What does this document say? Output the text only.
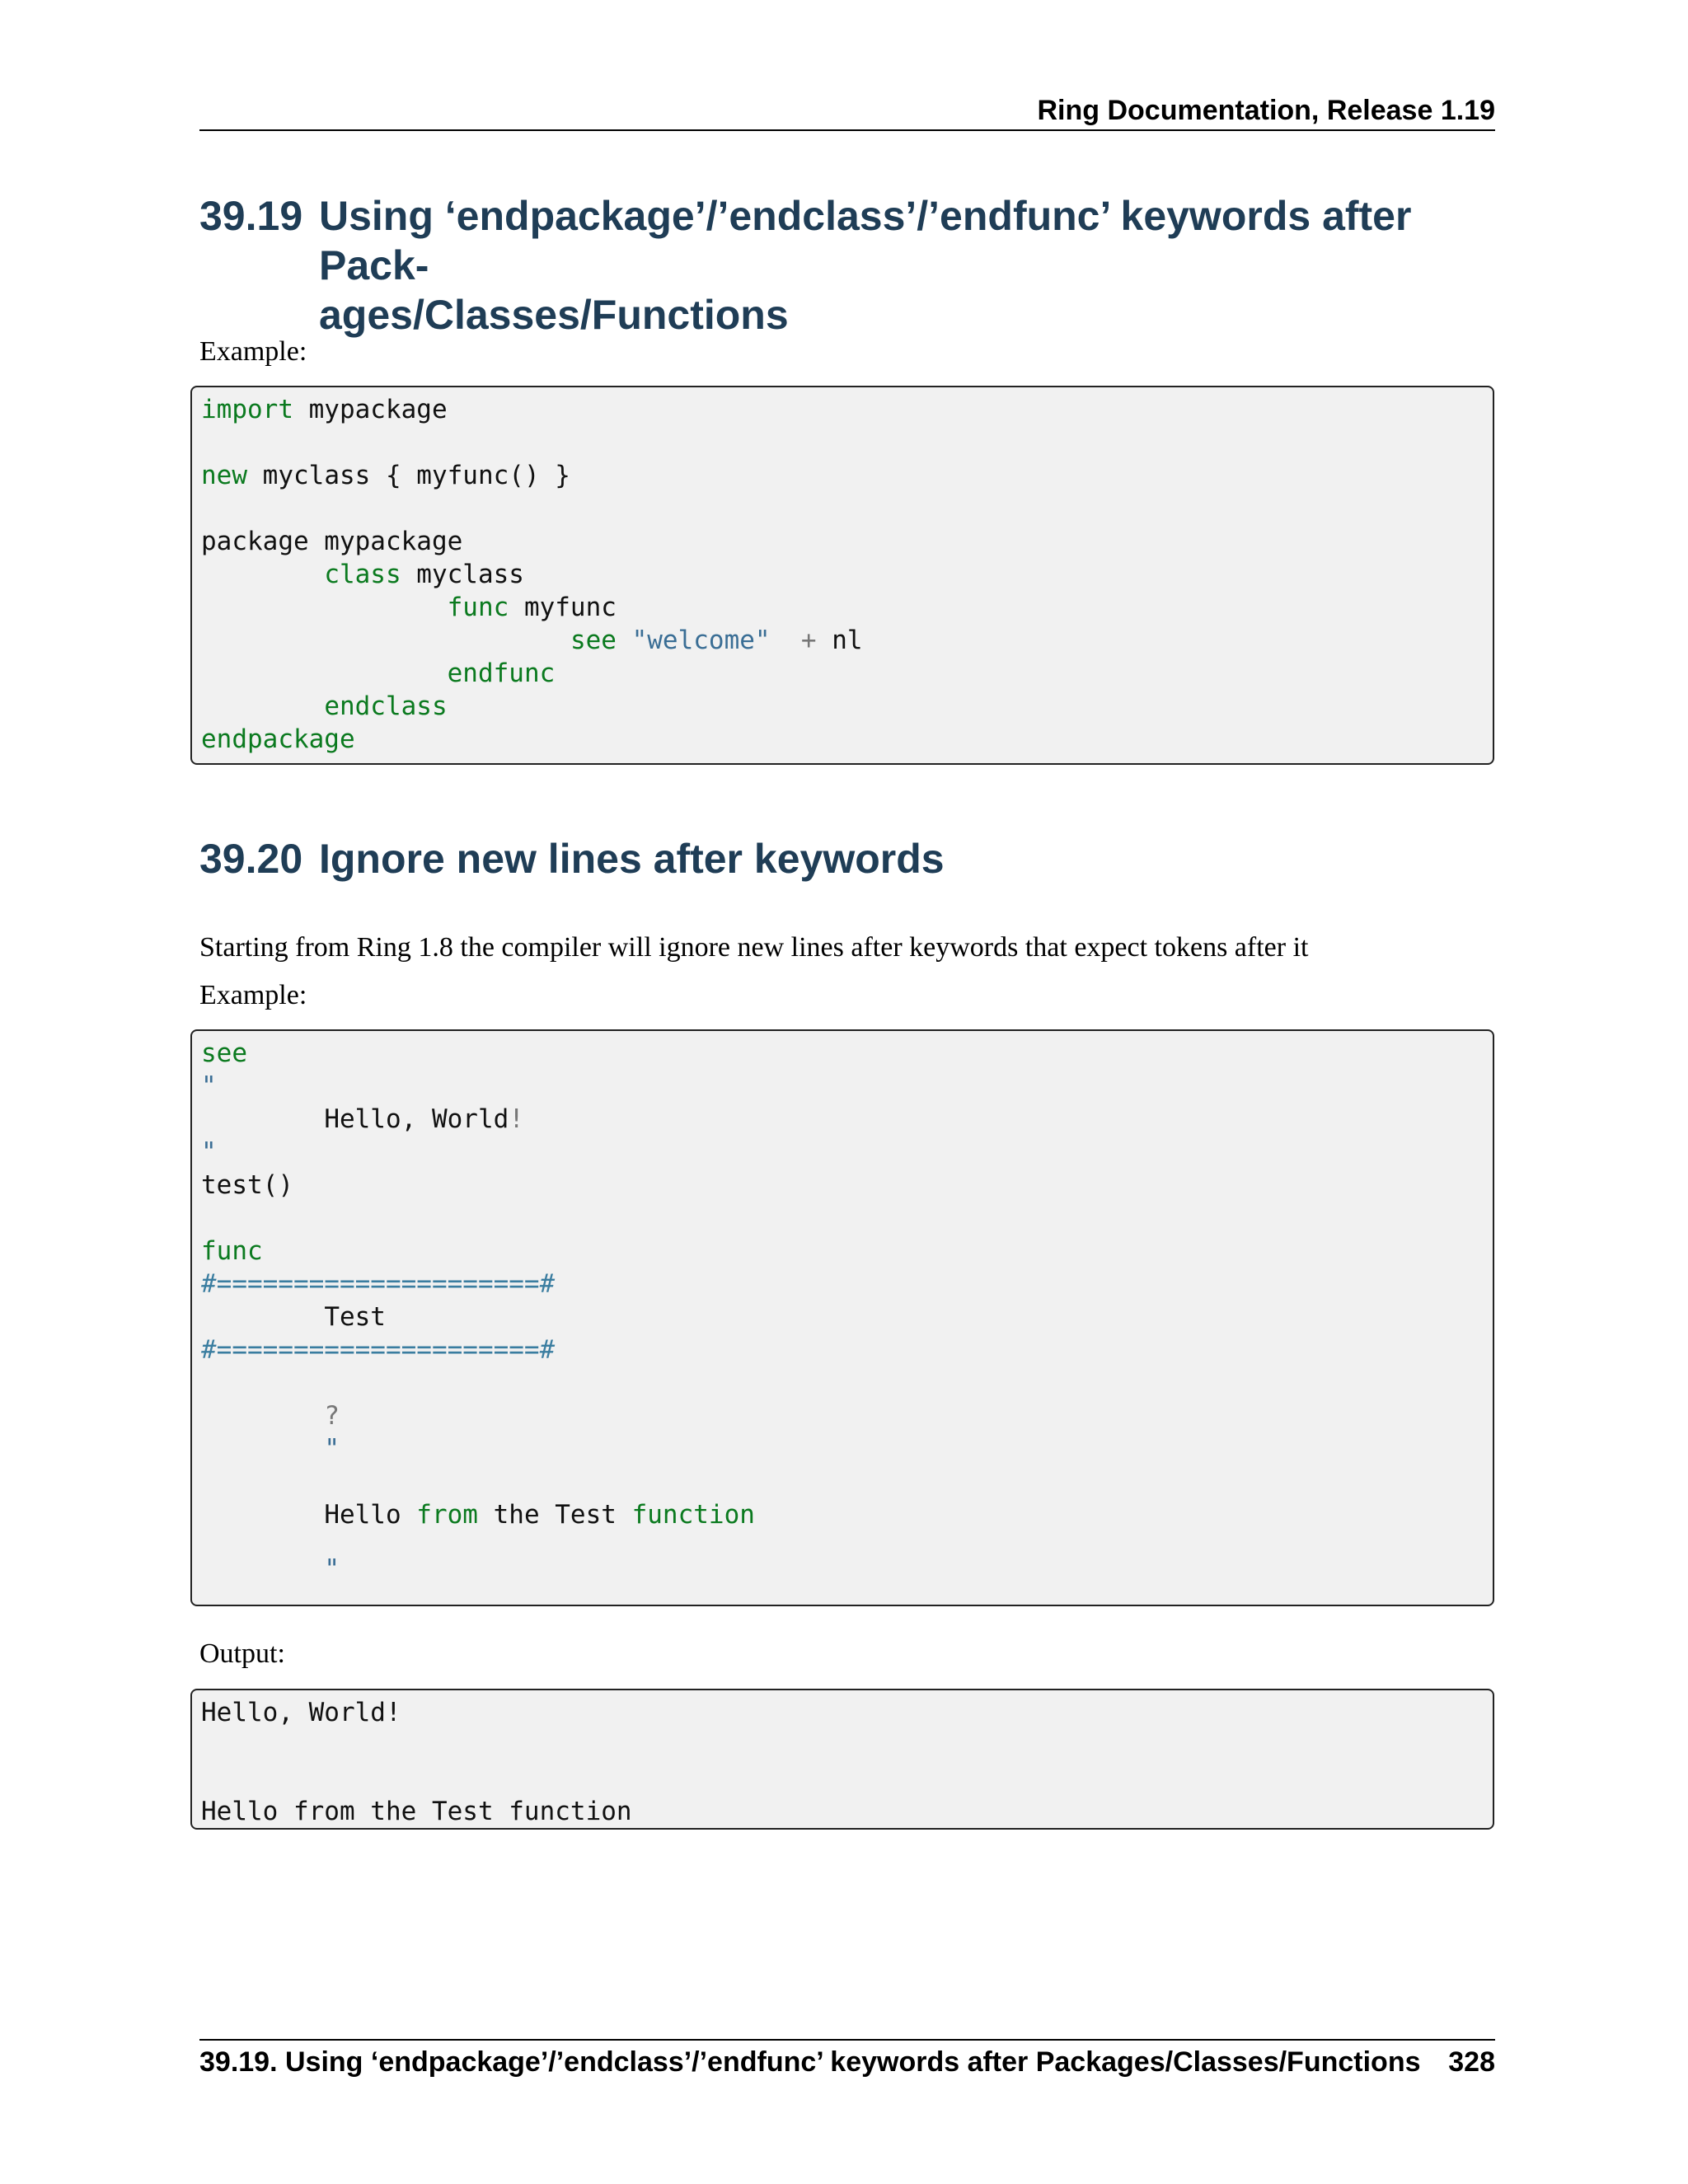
Ring Documentation, Release 1.19
39.19 Using ‘endpackage’/’endclass’/’endfunc’ keywords after Pack-
ages/Classes/Functions
Example:
import mypackage
new myclass { myfunc() }
package mypackage
class myclass
func myfunc
see "welcome" + nl
endfunc
endclass
endpackage
39.20 Ignore new lines after keywords
Starting from Ring 1.8 the compiler will ignore new lines after keywords that expect tokens after it
Example:
see
"
Hello, World!
"
test()
func
#=====================#
Test
#=====================#
?
"
Hello from the Test function
"
Output:
Hello, World!
Hello from the Test function
39.19. Using ‘endpackage’/’endclass’/’endfunc’ keywords after Packages/Classes/Functions 328
